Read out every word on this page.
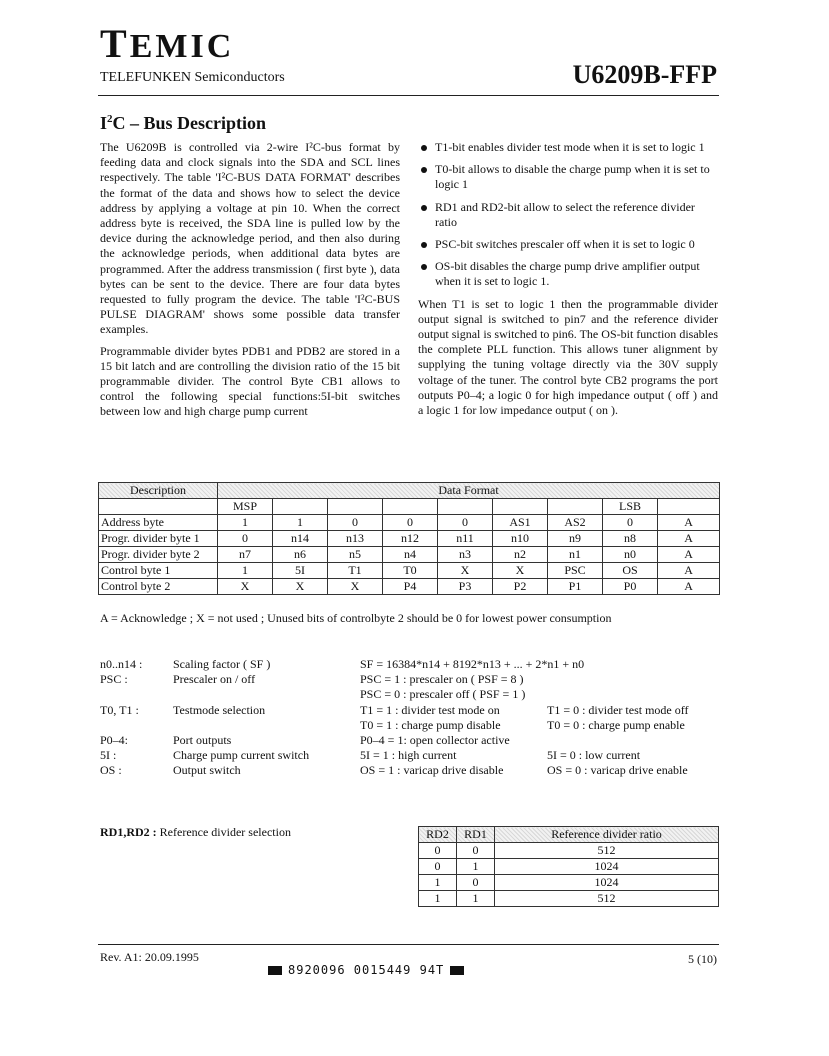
TEMIC
TELEFUNKEN Semiconductors	U6209B-FFP
$I^2C$ – Bus Description

The U6209B is controlled via 2-wire I²C-bus format by feeding data and clock signals into the SDA and SCL lines respectively. The table 'I²C-BUS DATA FORMAT' describes the format of the data and shows how to select the device address by applying a voltage at pin 10. When the correct address byte is received, the SDA line is pulled low by the device during the acknowledge period, and then also during the acknowledge periods, when additional data bytes are programmed. After the address transmission ( first byte ), data bytes can be sent to the device. There are four data bytes requested to fully program the device. The table 'I²C-BUS PULSE DIAGRAM' shows some possible data transfer examples.

Programmable divider bytes PDB1 and PDB2 are stored in a 15 bit latch and are controlling the division ratio of the 15 bit programmable divider. The control Byte CB1 allows to control the following special functions:5I-bit switches between low and high charge pump current

T1-bit enables divider test mode when it is set to logic 1
T0-bit allows to disable the charge pump when it is set to logic 1
RD1 and RD2-bit allow to select the reference divider ratio
PSC-bit switches prescaler off when it is set to logic 0
OS-bit disables the charge pump drive amplifier output when it is set to logic 1.

When T1 is set to logic 1 then the programmable divider output signal is switched to pin7 and the reference divider output signal is switched to pin6. The OS-bit function disables the complete PLL function. This allows tuner alignment by supplying the tuning voltage directly via the 30V supply voltage of the tuner. The control byte CB2 programs the port outputs P0–4; a logic 0 for high impedance output ( off ) and a logic 1 for low impedance output ( on ).

Description	Data Format								
	MSP							LSB	
Address byte	1	1	0	0	0	AS1	AS2	0	A
Progr. divider byte 1	0	n14	n13	n12	n11	n10	n9	n8	A
Progr. divider byte 2	n7	n6	n5	n4	n3	n2	n1	n0	A
Control byte 1	1	5I	T1	T0	X	X	PSC	OS	A
Control byte 2	X	X	X	P4	P3	P2	P1	P0	A
A = Acknowledge ; X = not used ; Unused bits of controlbyte 2 should be 0 for lowest power consumption
n0..n14 :	Scaling factor ( SF )	SF = 16384*n14 + 8192*n13 + ... + 2*n1 + n0
PSC :	Prescaler on / off	PSC = 1 : prescaler on ( PSF = 8 )
PSC = 0 : prescaler off ( PSF = 1 )
T0, T1 :	Testmode selection	T1 = 1 : divider test mode on	T1 = 0 : divider test mode off
T0 = 1 : charge pump disable	T0 = 0 : charge pump enable
P0–4:	Port outputs	P0–4 = 1: open collector active
5I :	Charge pump current switch	5I = 1 : high current	5I = 0 : low current
OS :	Output switch	OS = 1 : varicap drive disable	OS = 0 : varicap drive enable
RD1,RD2 : Reference divider selection	RD2	RD1	Reference divider ratio
0	0	512
0	1	1024
1	0	1024
1	1	512
Rev. A1: 20.09.1995	5 (10)
8920096 0015449 94T
